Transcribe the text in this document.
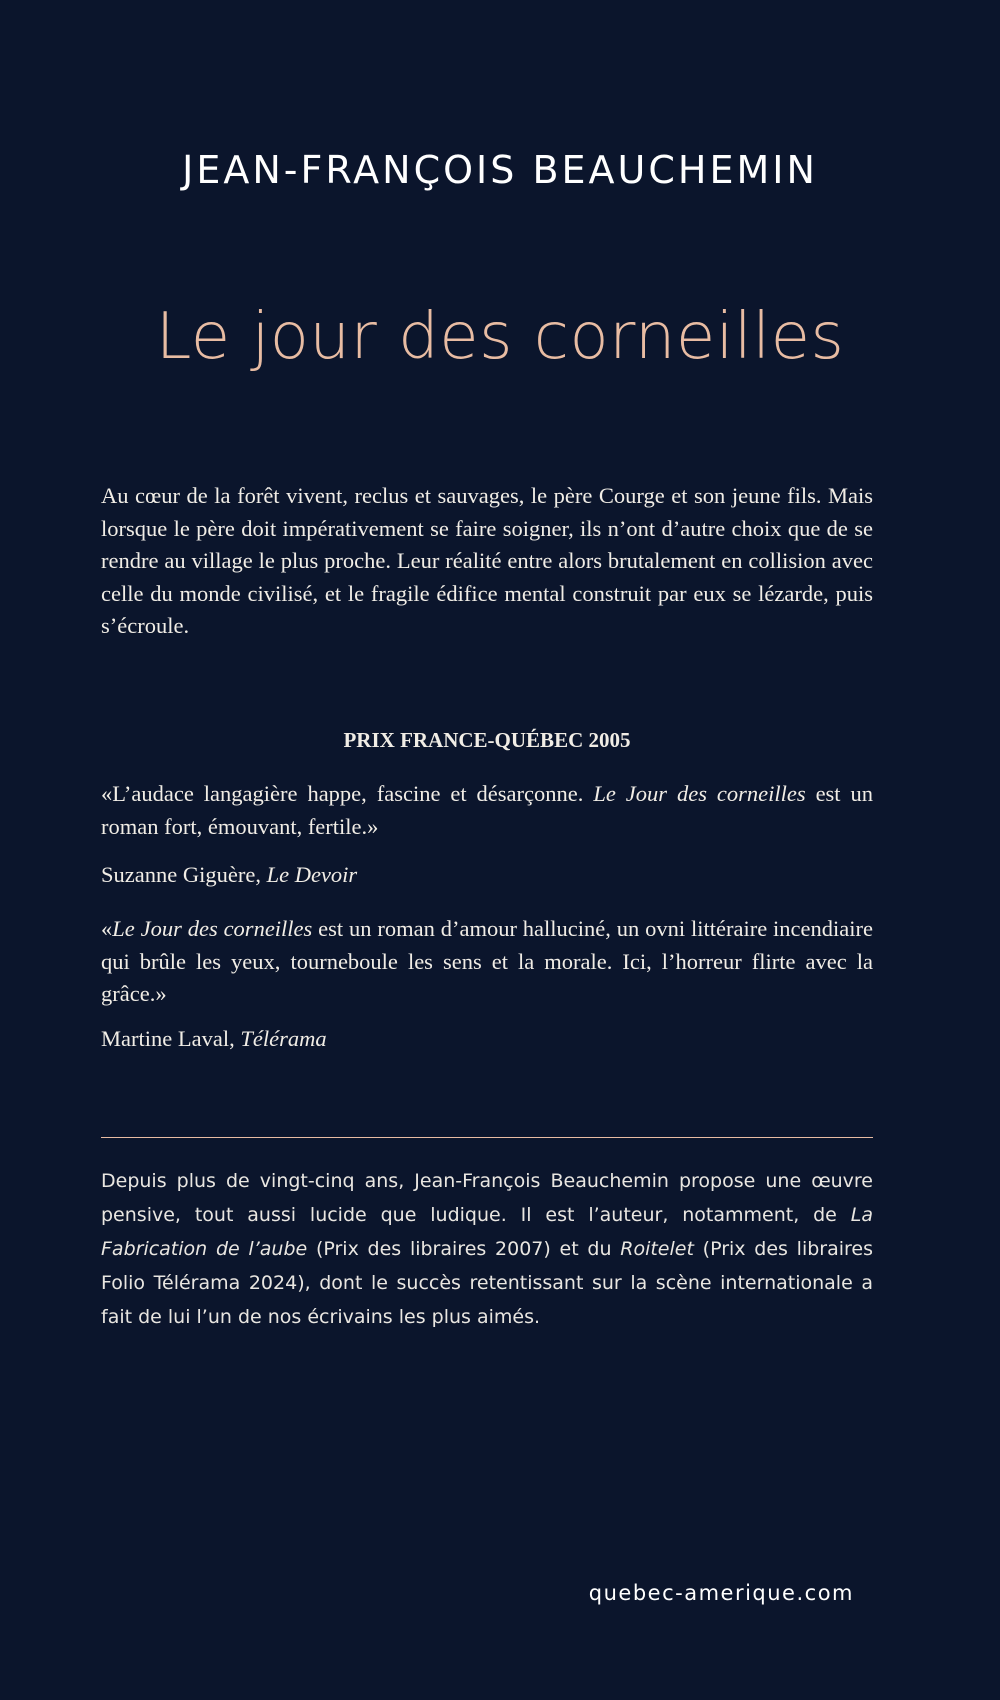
JEAN-FRANÇOIS BEAUCHEMIN
Le jour des corneilles

Au cœur de la forêt vivent, reclus et sauvages, le père Courge et son jeune fils. Mais lorsque le père doit impérativement se faire soigner, ils n’ont d’autre choix que de se rendre au village le plus proche. Leur réalité entre alors brutalement en collision avec celle du monde civilisé, et le fragile édifice mental construit par eux se lézarde, puis s’écroule.

PRIX FRANCE-QUÉBEC 2005

«L’audace langagière happe, fascine et désarçonne. Le Jour des corneilles est un roman fort, émouvant, fertile.»

Suzanne Giguère, Le Devoir

«Le Jour des corneilles est un roman d’amour halluciné, un ovni littéraire incendiaire qui brûle les yeux, tourneboule les sens et la morale. Ici, l’horreur flirte avec la grâce.»

Martine Laval, Télérama

Depuis plus de vingt-cinq ans, Jean-François Beauchemin propose une œuvre pensive, tout aussi lucide que ludique. Il est l’auteur, notamment, de La Fabrication de l’aube (Prix des libraires 2007) et du Roitelet (Prix des libraires Folio Télérama 2024), dont le succès retentissant sur la scène internationale a fait de lui l’un de nos écrivains les plus aimés.

quebec-amerique.com
